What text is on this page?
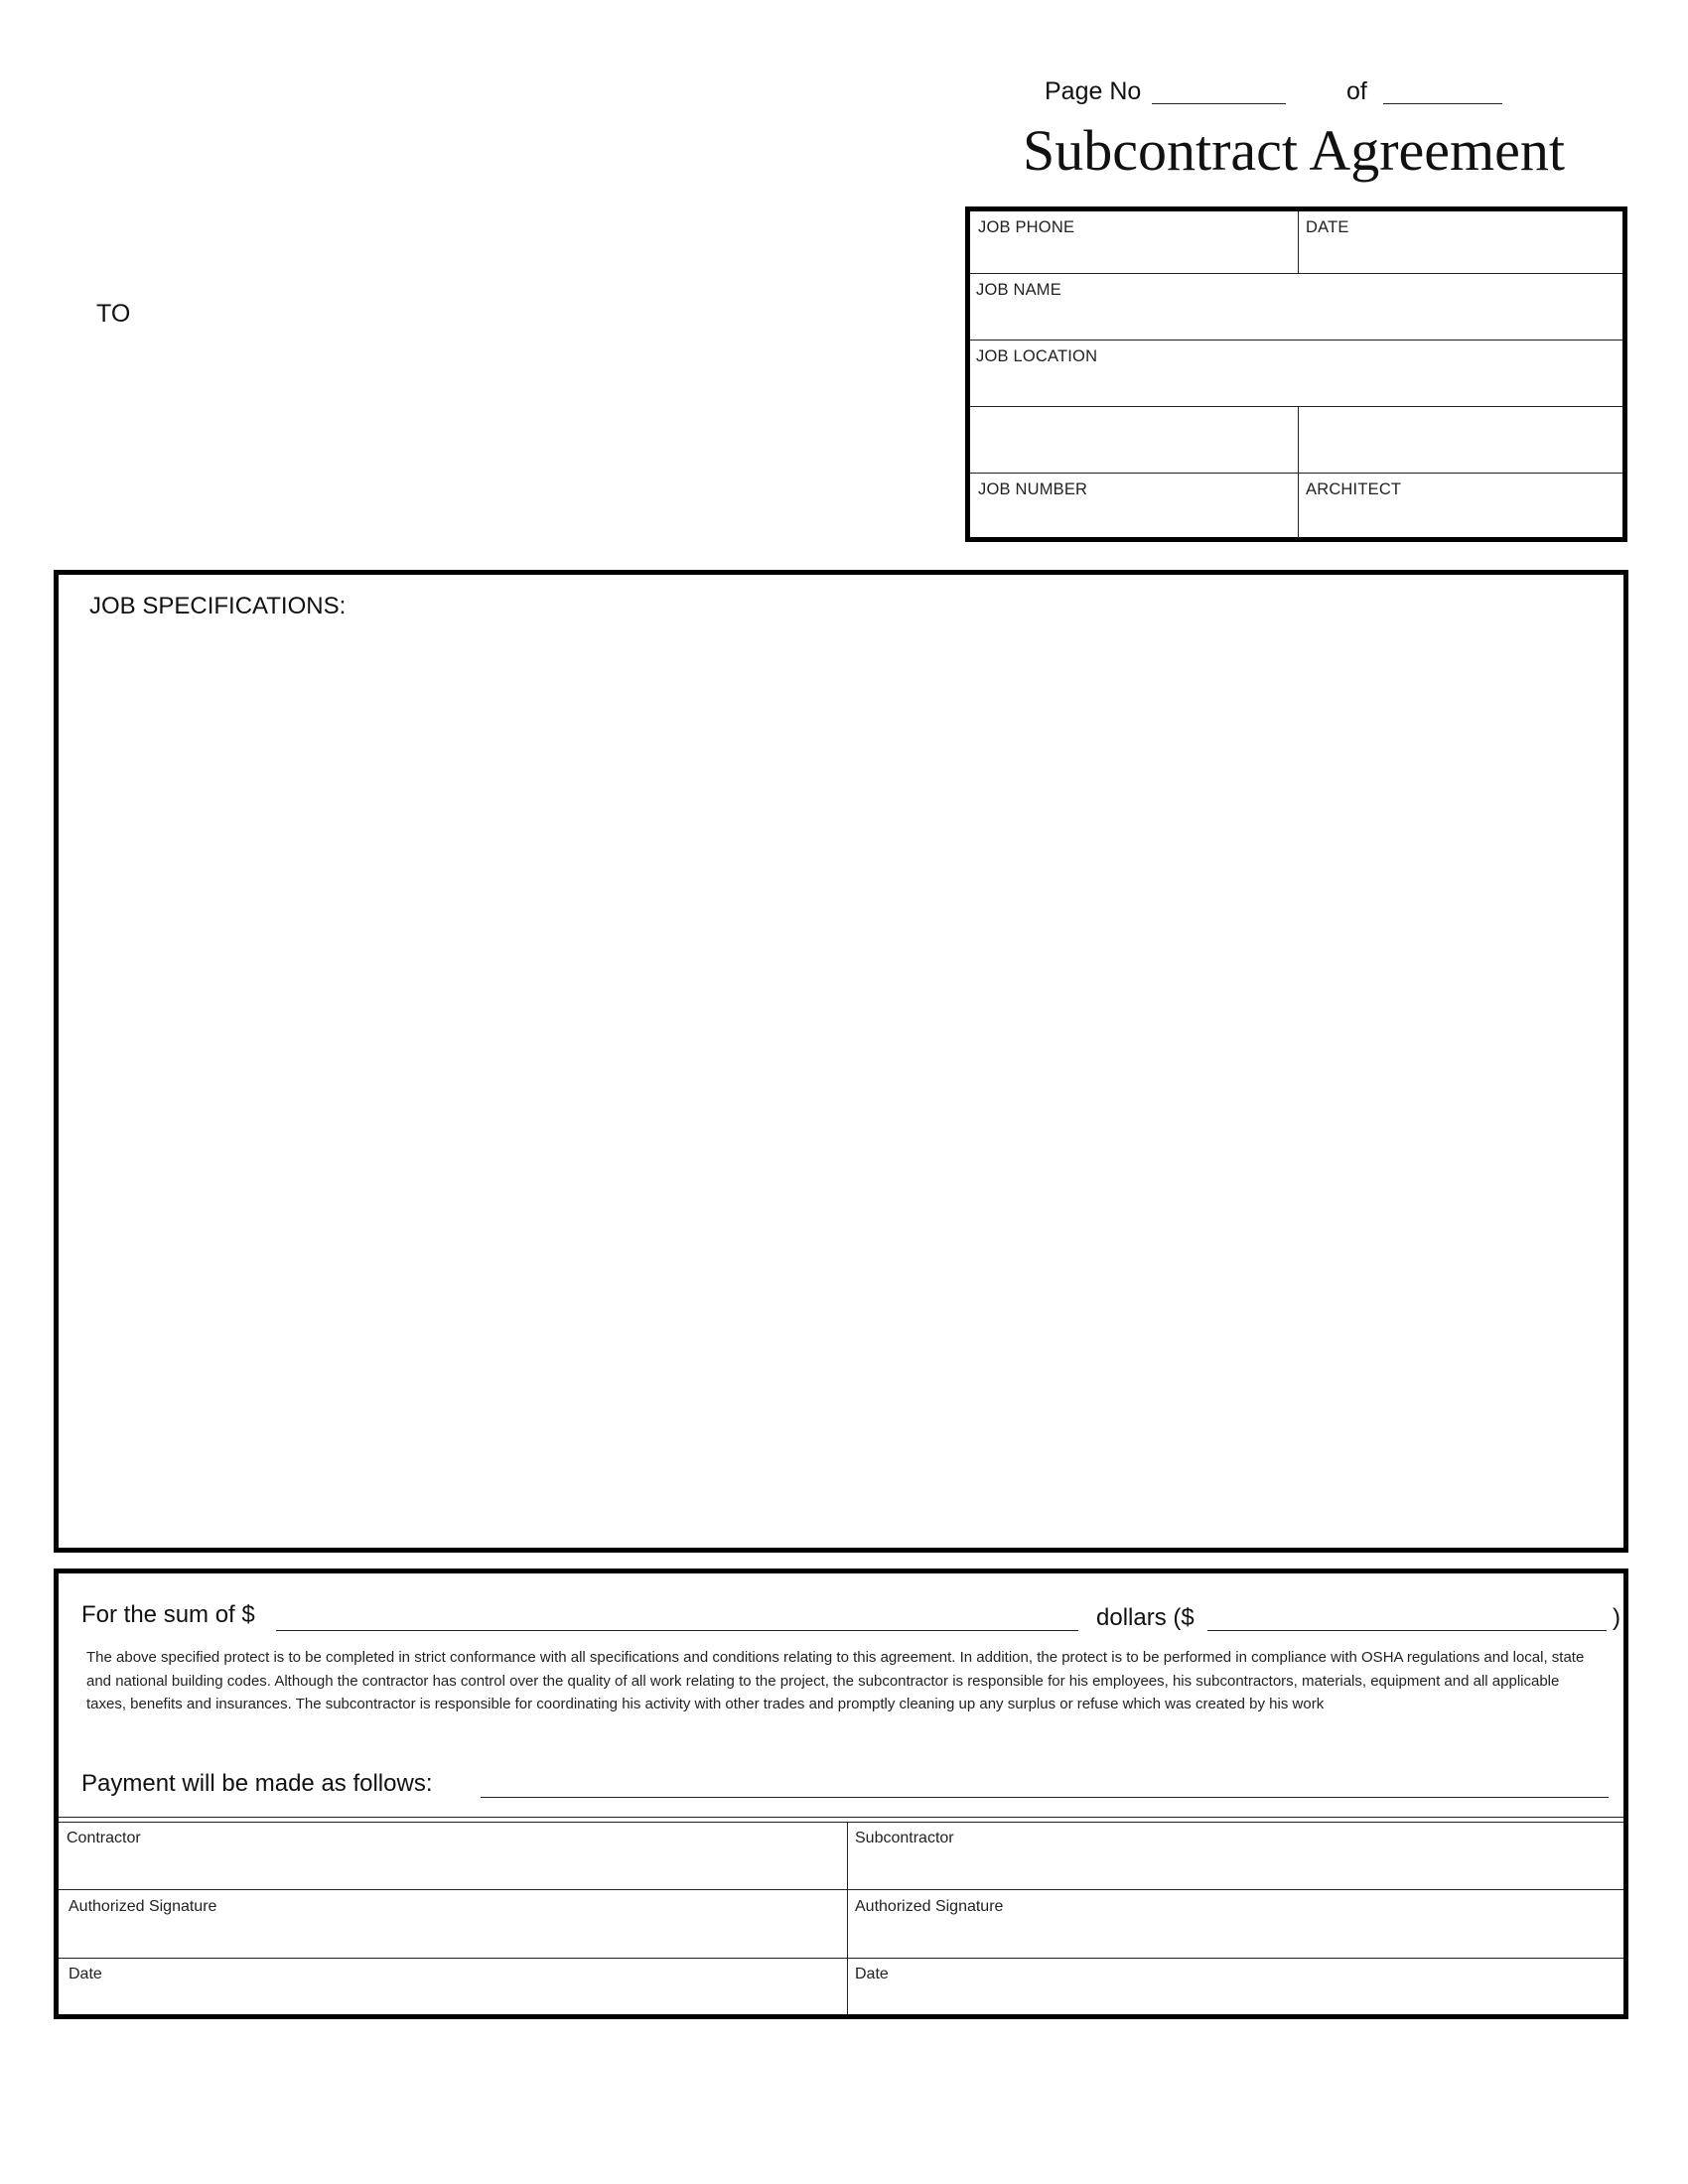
Page No	of
Subcontract Agreement
TO
JOB PHONE	DATE
JOB NAME
JOB LOCATION
JOB NUMBER	ARCHITECT
JOB SPECIFICATIONS:
For the sum of $	dollars ($	)
The above specified protect is to be completed in strict conformance with all specifications and conditions relating to this agreement. In addition, the protect is to be performed in compliance with OSHA regulations and local, state and national building codes. Although the contractor has control over the quality of all work relating to the project, the subcontractor is responsible for his employees, his subcontractors, materials, equipment and all applicable taxes, benefits and insurances. The subcontractor is responsible for coordinating his activity with other trades and promptly cleaning up any surplus or refuse which was created by his work
Payment will be made as follows:
Contractor	Subcontractor
Authorized Signature	Authorized Signature
Date	Date
